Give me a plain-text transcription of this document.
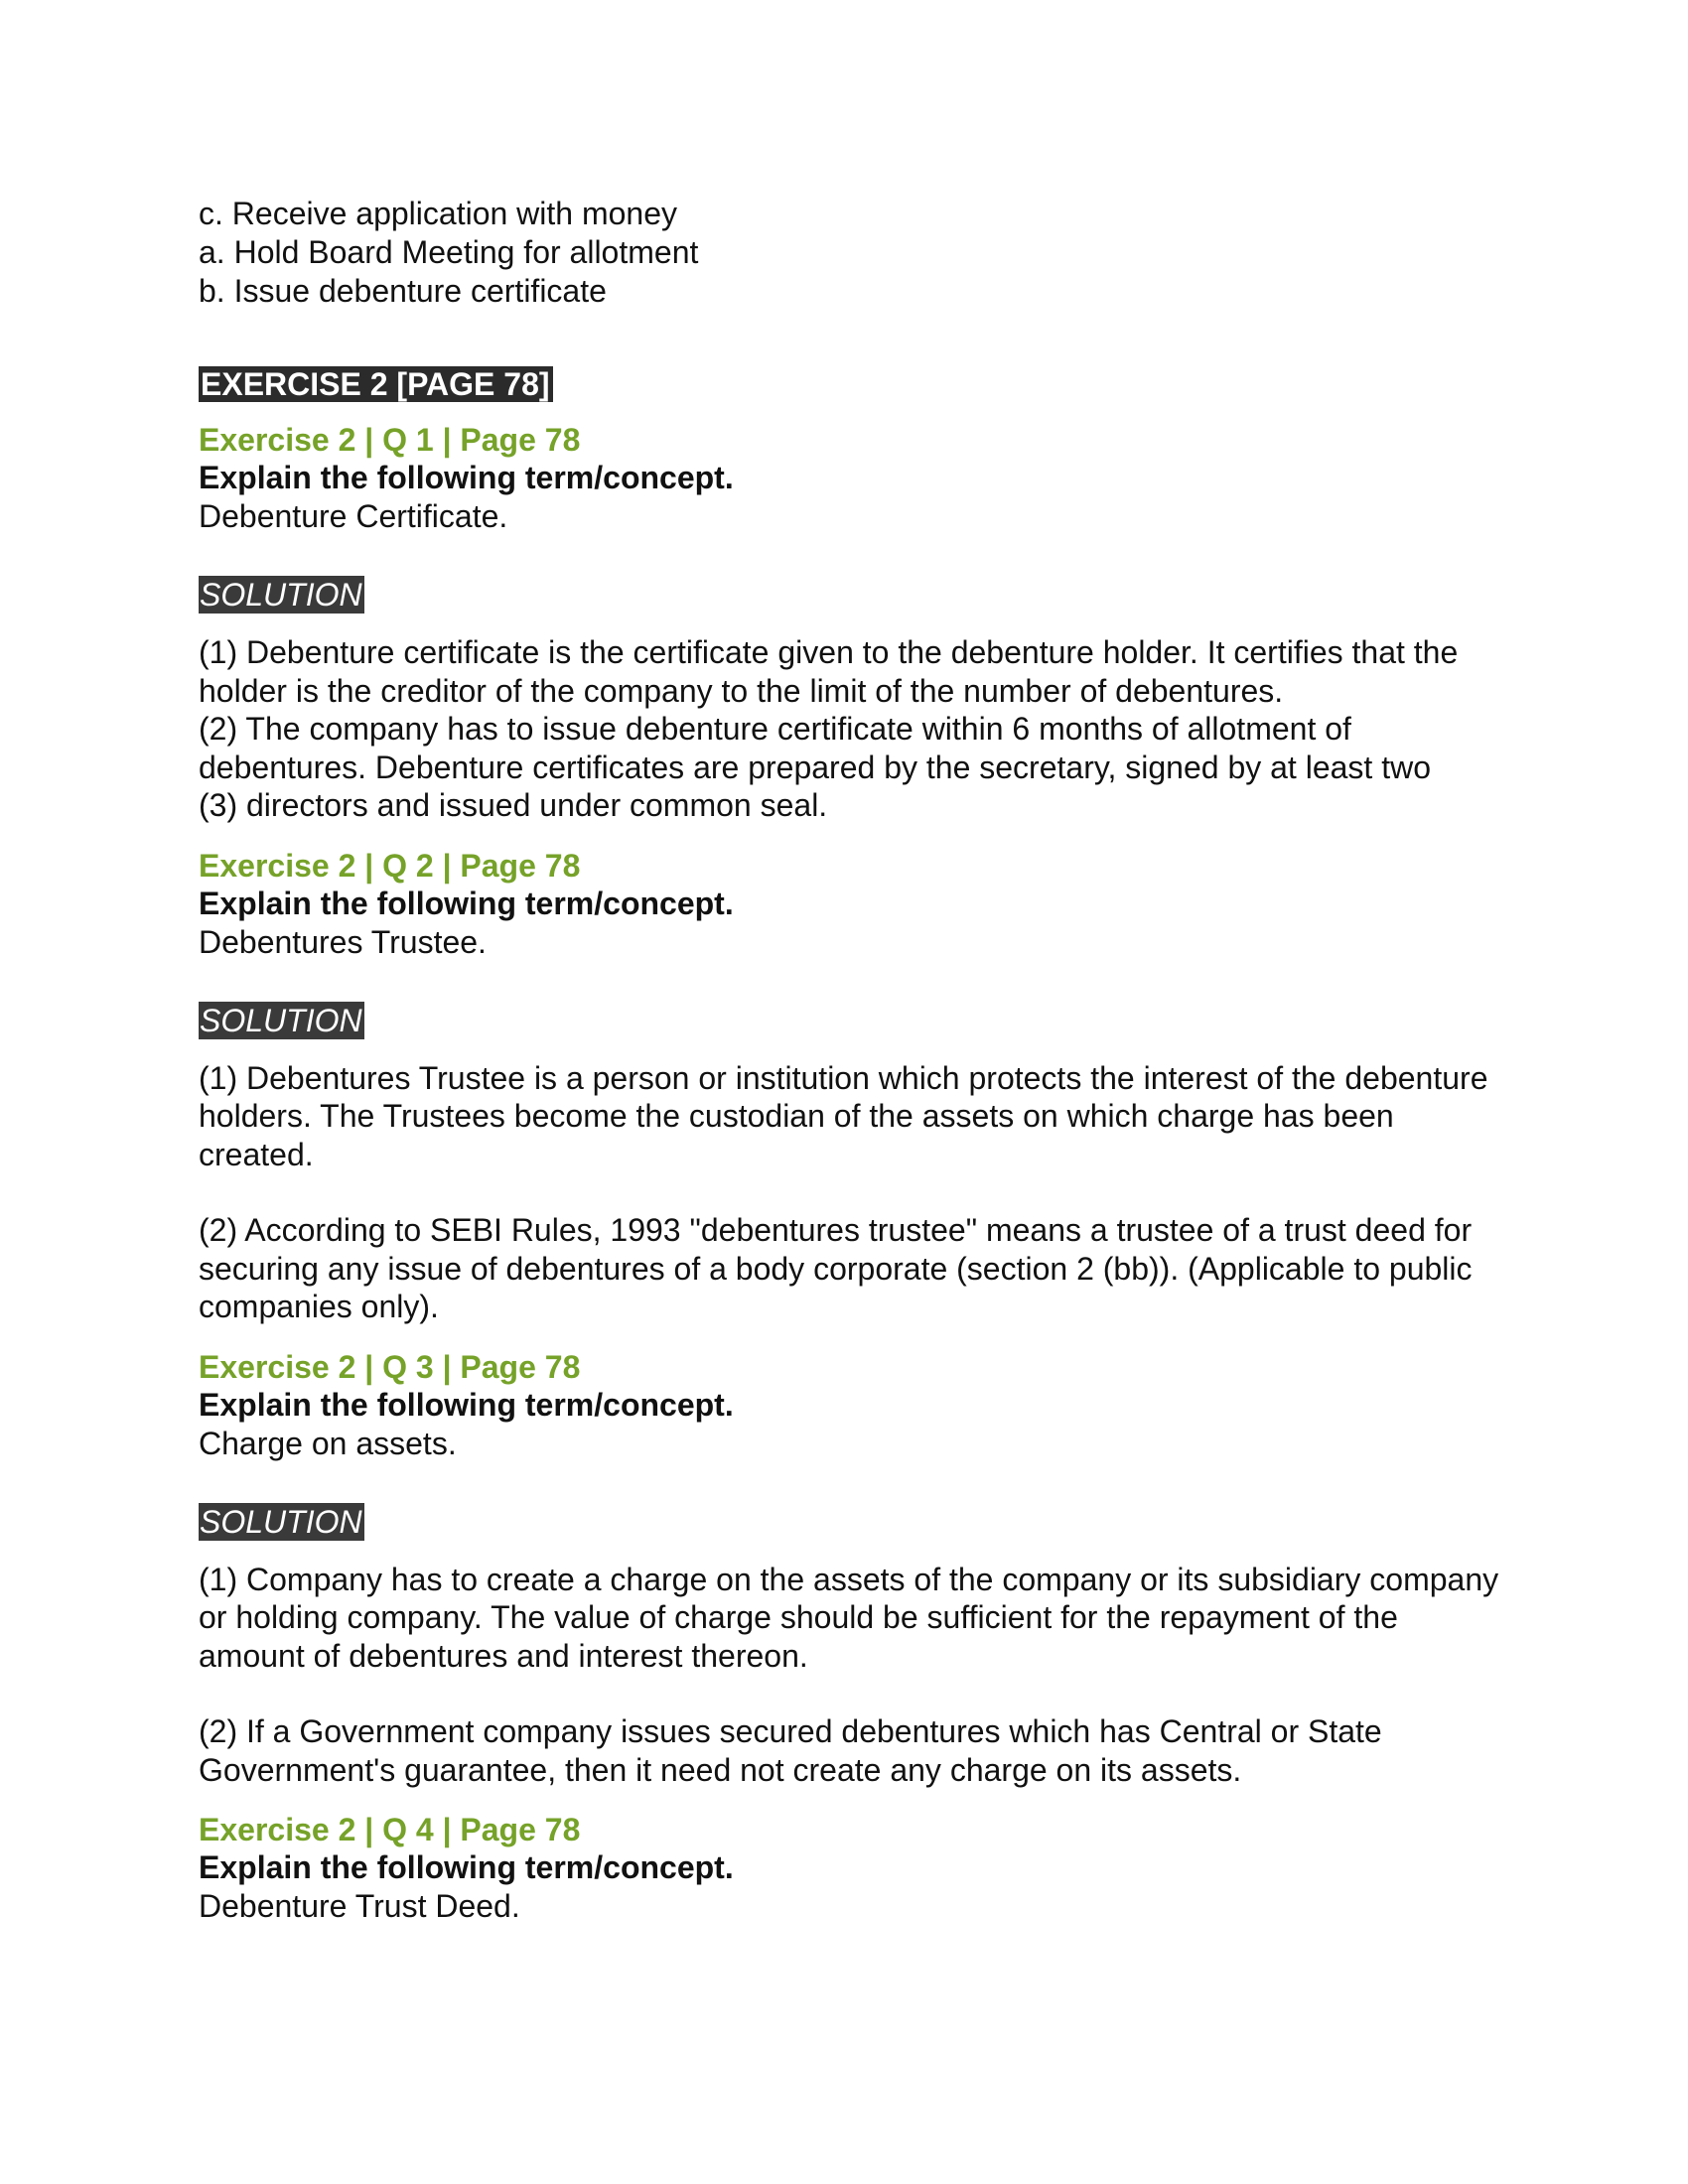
c. Receive application with money

a. Hold Board Meeting for allotment

b. Issue debenture certificate

EXERCISE 2 [PAGE 78]

Exercise 2 | Q 1 | Page 78

Explain the following term/concept.

Debenture Certificate.

SOLUTION

(1) Debenture certificate is the certificate given to the debenture holder. It certifies that the holder is the creditor of the company to the limit of the number of debentures.

(2) The company has to issue debenture certificate within 6 months of allotment of debentures. Debenture certificates are prepared by the secretary, signed by at least two

(3) directors and issued under common seal.

Exercise 2 | Q 2 | Page 78

Explain the following term/concept.

Debentures Trustee.

SOLUTION

(1) Debentures Trustee is a person or institution which protects the interest of the debenture holders. The Trustees become the custodian of the assets on which charge has been created.

(2) According to SEBI Rules, 1993 "debentures trustee" means a trustee of a trust deed for securing any issue of debentures of a body corporate (section 2 (bb)). (Applicable to public companies only).

Exercise 2 | Q 3 | Page 78

Explain the following term/concept.

Charge on assets.

SOLUTION

(1) Company has to create a charge on the assets of the company or its subsidiary company or holding company. The value of charge should be sufficient for the repayment of the amount of debentures and interest thereon.

(2) If a Government company issues secured debentures which has Central or State Government's guarantee, then it need not create any charge on its assets.

Exercise 2 | Q 4 | Page 78

Explain the following term/concept.

Debenture Trust Deed.
